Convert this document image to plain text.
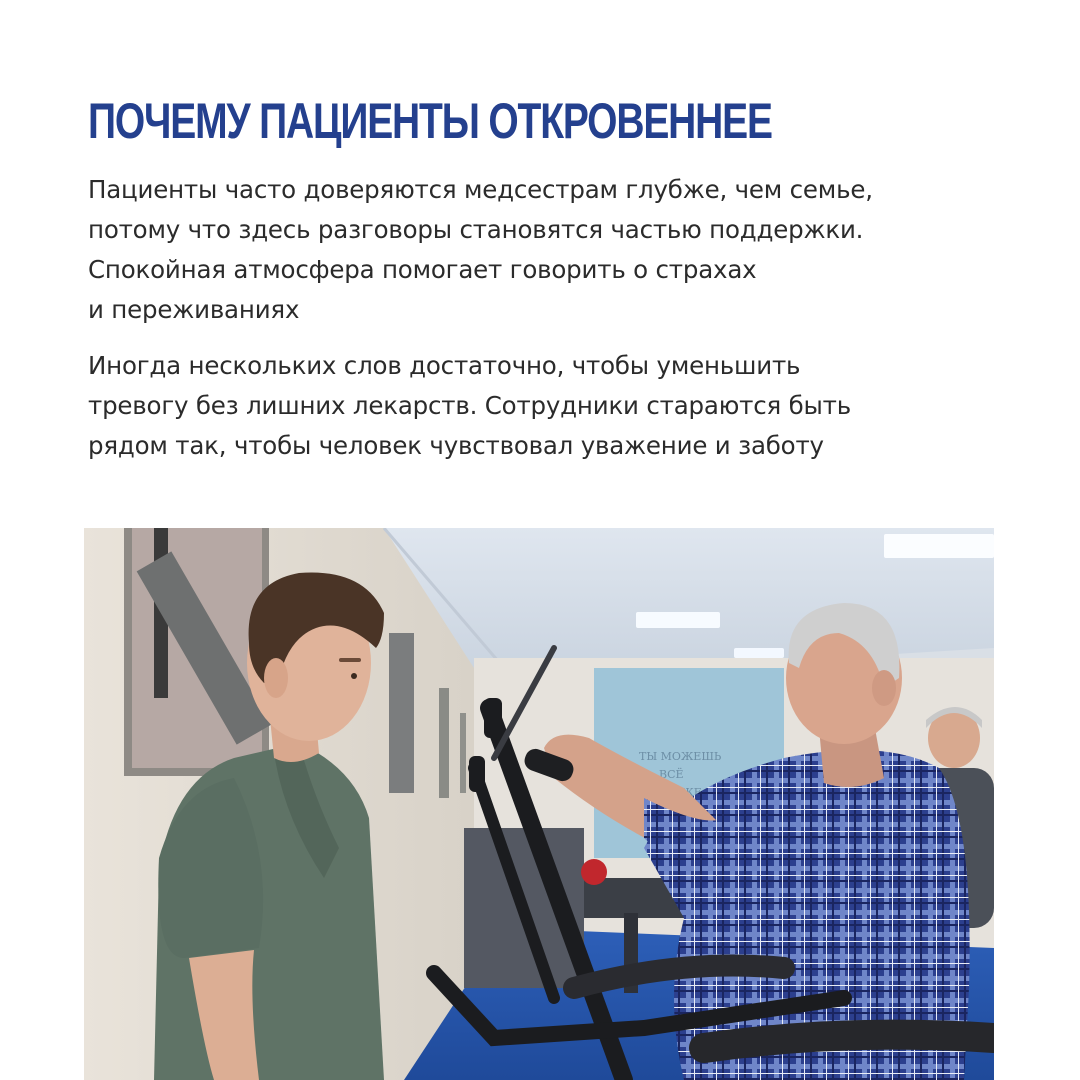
ПОЧЕМУ ПАЦИЕНТЫ ОТКРОВЕННЕЕ
Пациенты часто доверяются медсестрам глубже, чем семье,
потому что здесь разговоры становятся частью поддержки.
Спокойная атмосфера помогает говорить о страхах
и переживаниях
Иногда нескольких слов достаточно, чтобы уменьшить
тревогу без лишних лекарств. Сотрудники стараются быть
рядом так, чтобы человек чувствовал уважение и заботу
ТЫ МОЖЕШЬ
ВСЁ
